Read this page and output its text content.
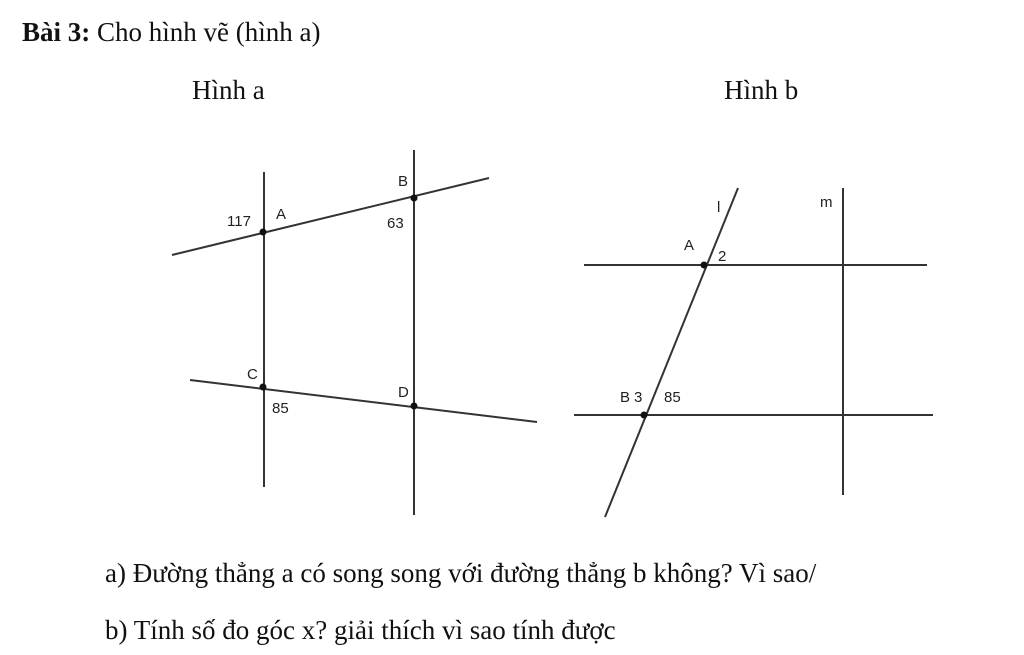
Bài 3: Cho hình vẽ (hình a)
Hình a	Hình b
A
B
C
D
117	63
85
l	m
A
2
B 3 85
a) Đường thẳng a có song song với đường thẳng b không? Vì sao/
b) Tính số đo góc x? giải thích vì sao tính được
